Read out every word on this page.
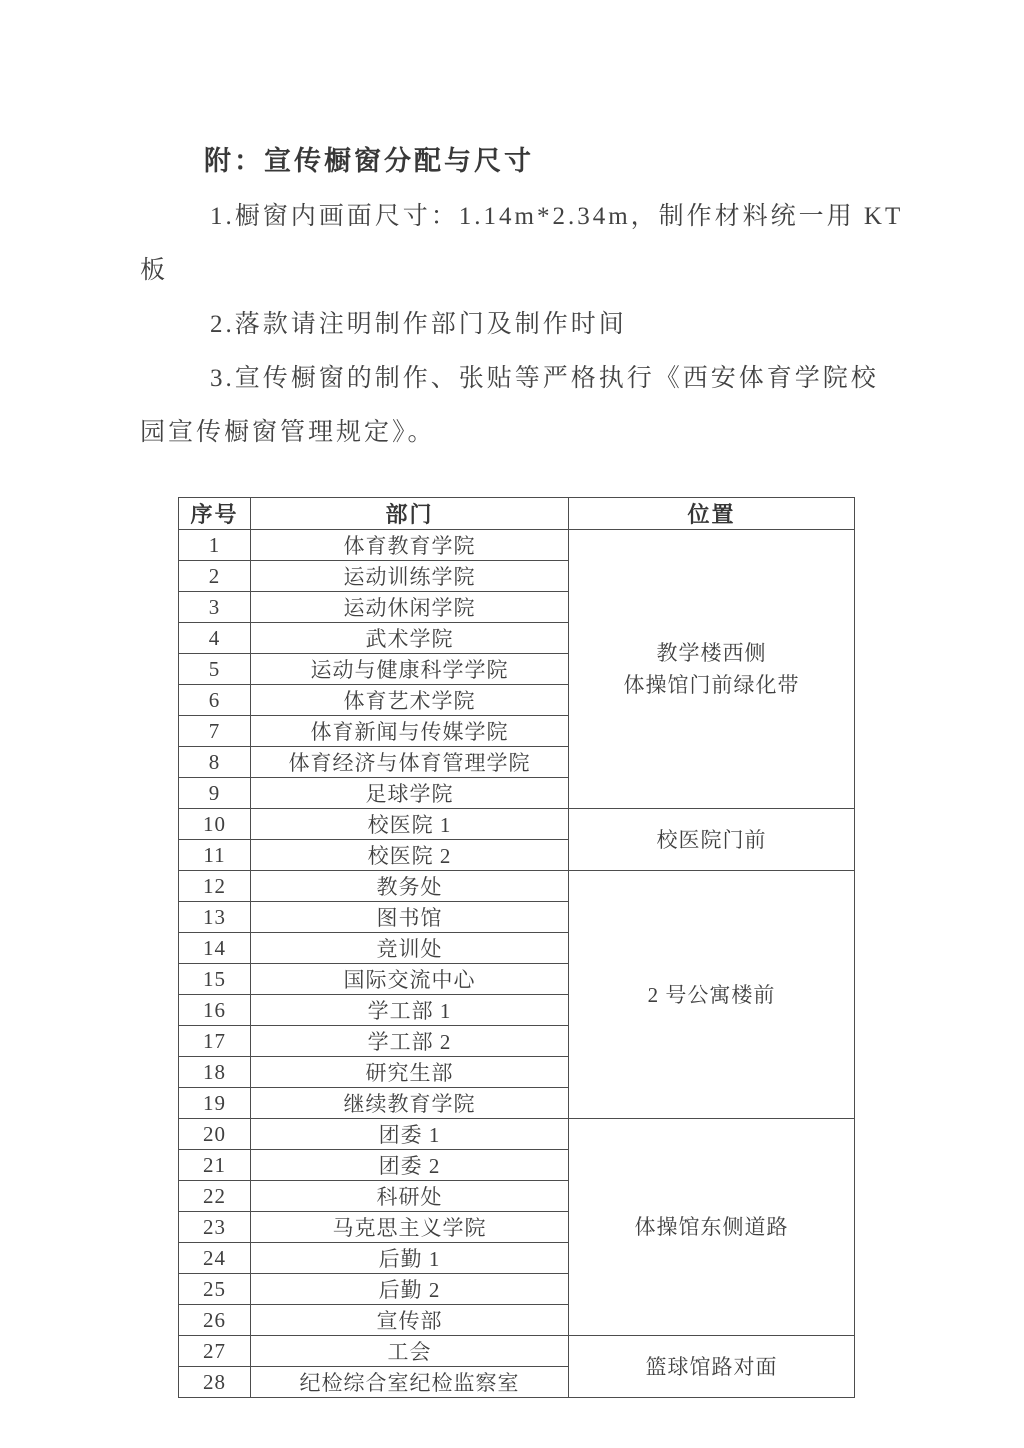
附：宣传橱窗分配与尺寸
1.橱窗内画面尺寸：1.14m*2.34m，制作材料统一用 KT
板
2.落款请注明制作部门及制作时间
3.宣传橱窗的制作、张贴等严格执行《西安体育学院校
园宣传橱窗管理规定》。
序号	部门	位置
1	体育教育学院	教学楼西侧
体操馆门前绿化带

2	运动训练学院	
3	运动休闲学院	
4	武术学院	
5	运动与健康科学学院	
6	体育艺术学院	
7	体育新闻与传媒学院	
8	体育经济与体育管理学院	
9	足球学院	
10	校医院 1	校医院门前

11	校医院 2	
12	教务处	2 号公寓楼前

13	图书馆	
14	竞训处	
15	国际交流中心	
16	学工部 1	
17	学工部 2	
18	研究生部	
19	继续教育学院	
20	团委 1	体操馆东侧道路

21	团委 2	
22	科研处	
23	马克思主义学院	
24	后勤 1	
25	后勤 2	
26	宣传部	
27	工会	篮球馆路对面

28	纪检综合室纪检监察室	
